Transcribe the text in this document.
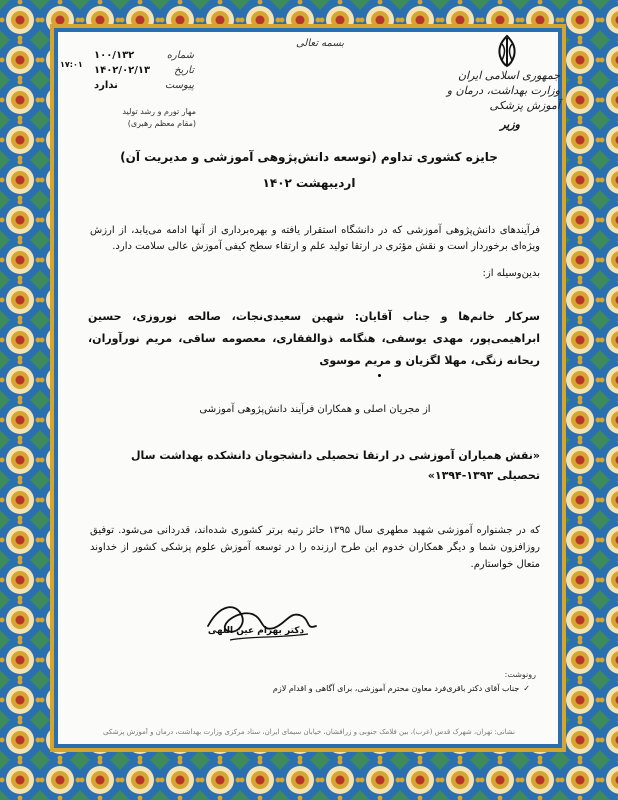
بسمه تعالی
جمهوری اسلامی ایران
وزارت بهداشت، درمان و آموزش پزشکی
وزیر
شماره
۱۰۰/۱۳۲
تاریخ
۱۴۰۲/۰۲/۱۳
پیوست
ندارد
۱۷:۰۱
مهار تورم و رشد تولید
(مقام معظم رهبری)
جایزه کشوری تداوم (توسعه دانش‌پژوهی آموزشی و مدیریت آن)
اردیبهشت ۱۴۰۲
فرآیندهای دانش‌پژوهی آموزشی که در دانشگاه استقرار یافته و بهره‌برداری از آنها ادامه می‌یابد، از ارزش ویژه‌ای برخوردار است و نقش مؤثری در ارتقا تولید علم و ارتقاء سطح کیفی آموزش عالی سلامت دارد.
بدین‌وسیله از:
سرکار خانم‌ها و جناب آقایان: شهین سعیدی‌نجات، صالحه نوروزی، حسین ابراهیمی‌پور، مهدی یوسفی، هنگامه ذوالفقاری، معصومه ساقی، مریم نورآوران، ریحانه زنگی، مهلا لگزیان و مریم موسوی
از مجریان اصلی و همکاران فرآیند دانش‌پژوهی آموزشی
«نقش همیاران آموزشی در ارتقا تحصیلی دانشجویان دانشکده بهداشت سال تحصیلی ۱۳۹۳-۱۳۹۴»
که در جشنواره آموزشی شهید مطهری سال ۱۳۹۵ حائز رتبه برتر کشوری شده‌اند، قدردانی می‌شود. توفیق روزافزون شما و دیگر همکاران خدوم این طرح ارزنده را در توسعه آموزش علوم پزشکی کشور از خداوند متعال خواستارم.
دکتر بهرام عین اللهی
رونوشت:
✓
جناب آقای دکتر باقری‌فرد معاون محترم آموزشی، برای آگاهی و اقدام لازم
نشانی: تهران، شهرک قدس (غرب)، بین فلامک جنوبی و زرافشان، خیابان سیمای ایران، ستاد مرکزی وزارت بهداشت، درمان و آموزش پزشکی
